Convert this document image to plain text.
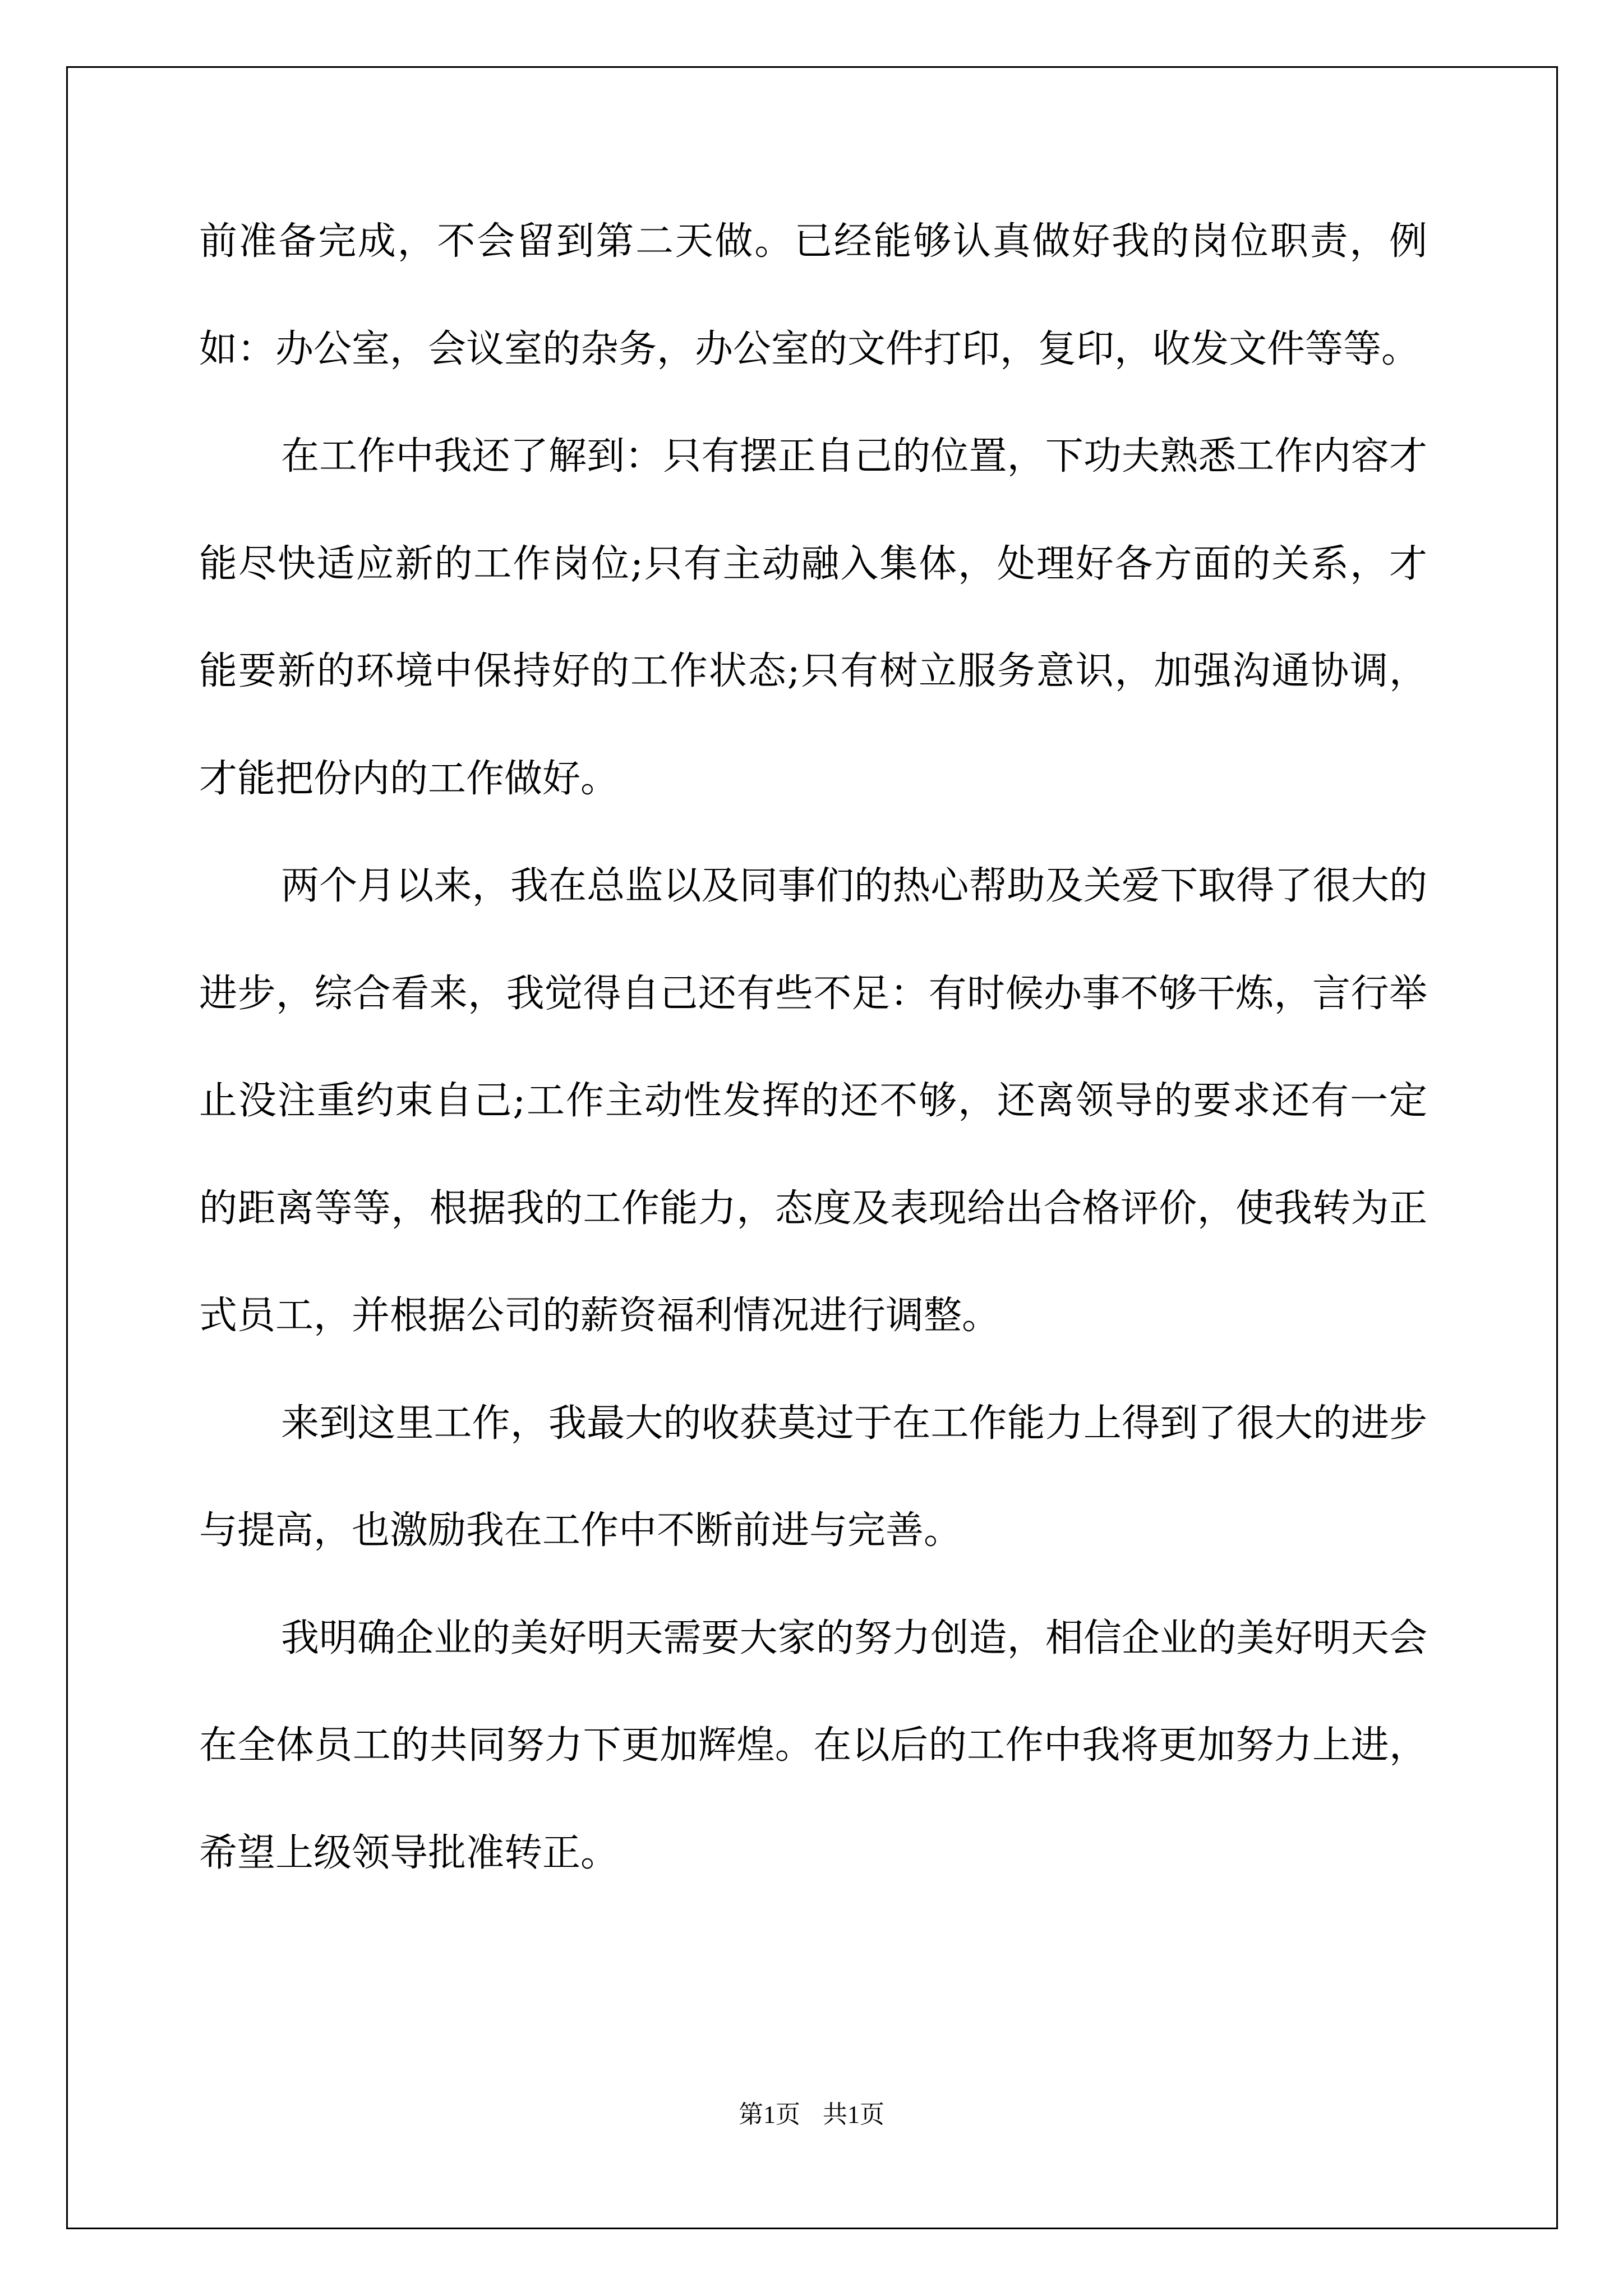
前准备完成，不会留到第二天做。已经能够认真做好我的岗位职责，例如：办公室，会议室的杂务，办公室的文件打印，复印，收发文件等等。

在工作中我还了解到：只有摆正自己的位置，下功夫熟悉工作内容才能尽快适应新的工作岗位;只有主动融入集体，处理好各方面的关系，才能要新的环境中保持好的工作状态;只有树立服务意识，加强沟通协调，才能把份内的工作做好。

两个月以来，我在总监以及同事们的热心帮助及关爱下取得了很大的进步，综合看来，我觉得自己还有些不足：有时候办事不够干炼，言行举止没注重约束自己;工作主动性发挥的还不够，还离领导的要求还有一定的距离等等，根据我的工作能力，态度及表现给出合格评价，使我转为正式员工，并根据公司的薪资福利情况进行调整。

来到这里工作，我最大的收获莫过于在工作能力上得到了很大的进步与提高，也激励我在工作中不断前进与完善。

我明确企业的美好明天需要大家的努力创造，相信企业的美好明天会在全体员工的共同努力下更加辉煌。在以后的工作中我将更加努力上进，希望上级领导批准转正。

第1页 共1页
